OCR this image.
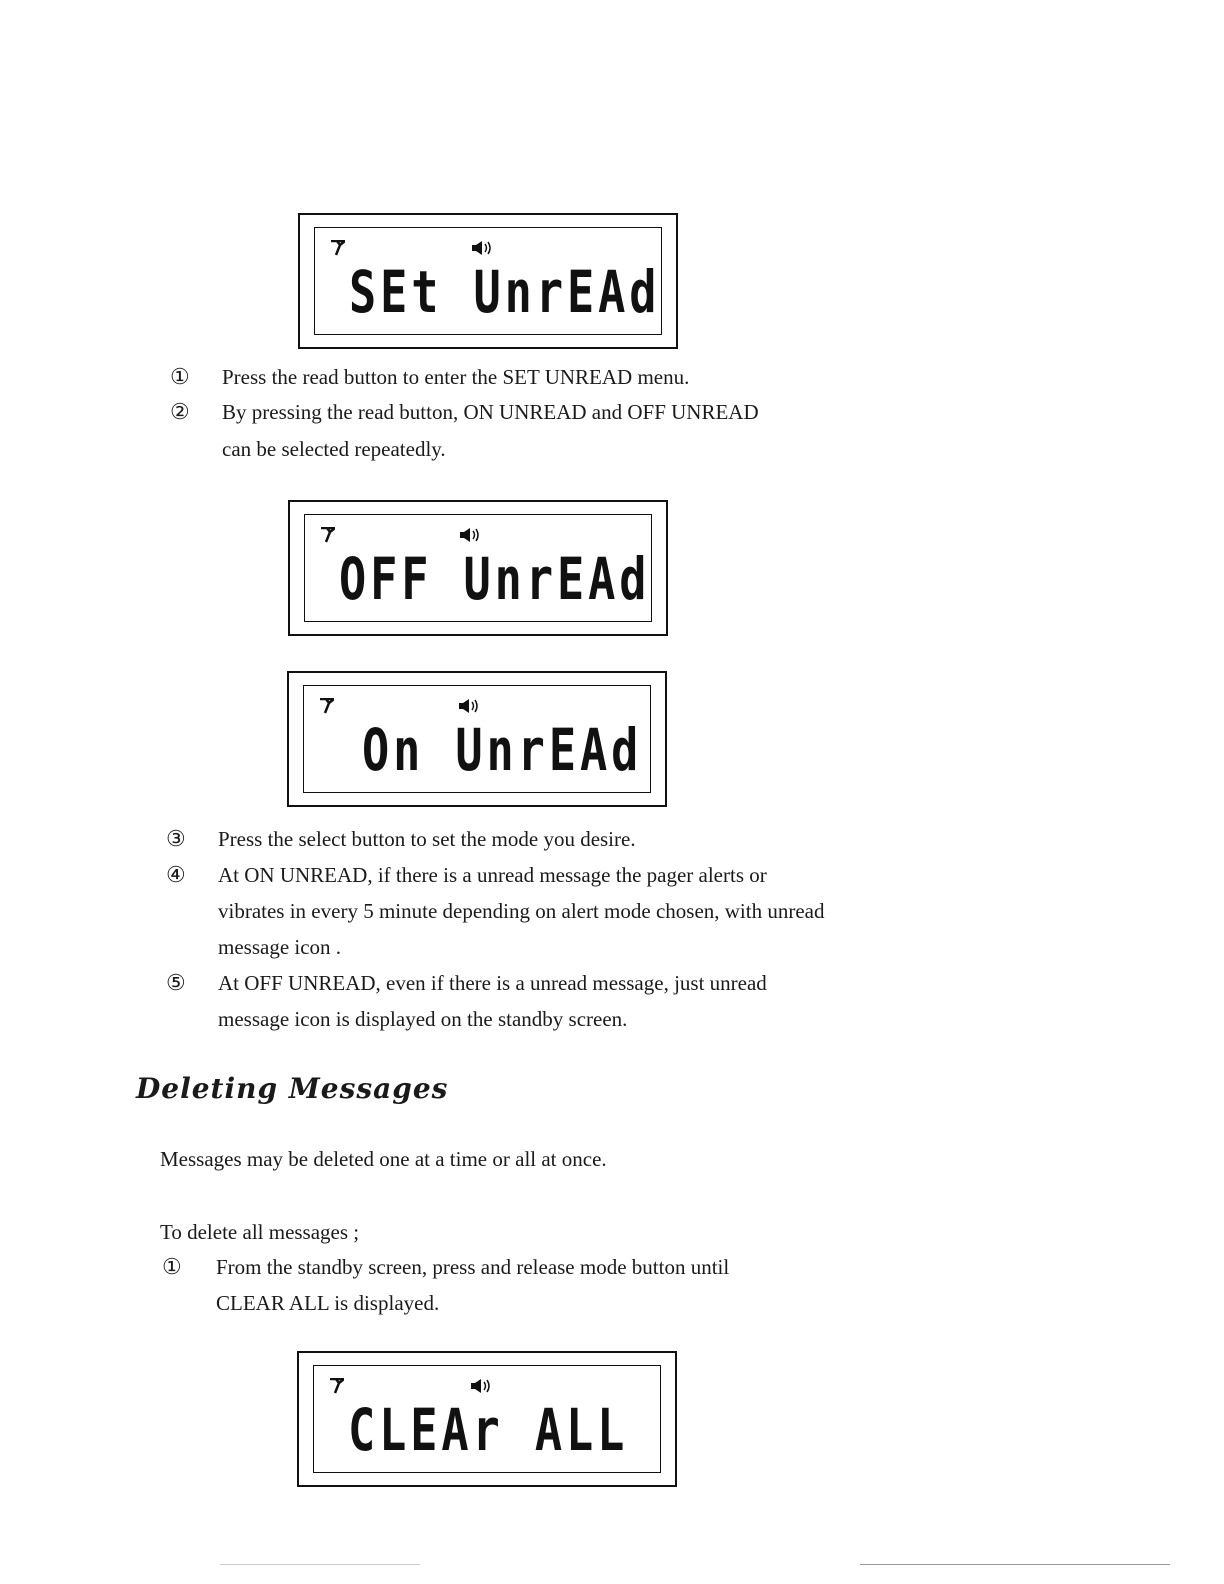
SEt UnrEAd
① Press the read button to enter the SET UNREAD menu.
② By pressing the read button, ON UNREAD and OFF UNREAD
can be selected repeatedly.
OFF UnrEAd
On UnrEAd
③ Press the select button to set the mode you desire.
④ At ON UNREAD, if there is a unread message the pager alerts or
vibrates in every 5 minute depending on alert mode chosen, with unread
message icon .
⑤ At OFF UNREAD, even if there is a unread message, just unread
message icon is displayed on the standby screen.
Deleting Messages
Messages may be deleted one at a time or all at once.
To delete all messages ;
① From the standby screen, press and release mode button until
CLEAR ALL is displayed.
CLEAr ALL
